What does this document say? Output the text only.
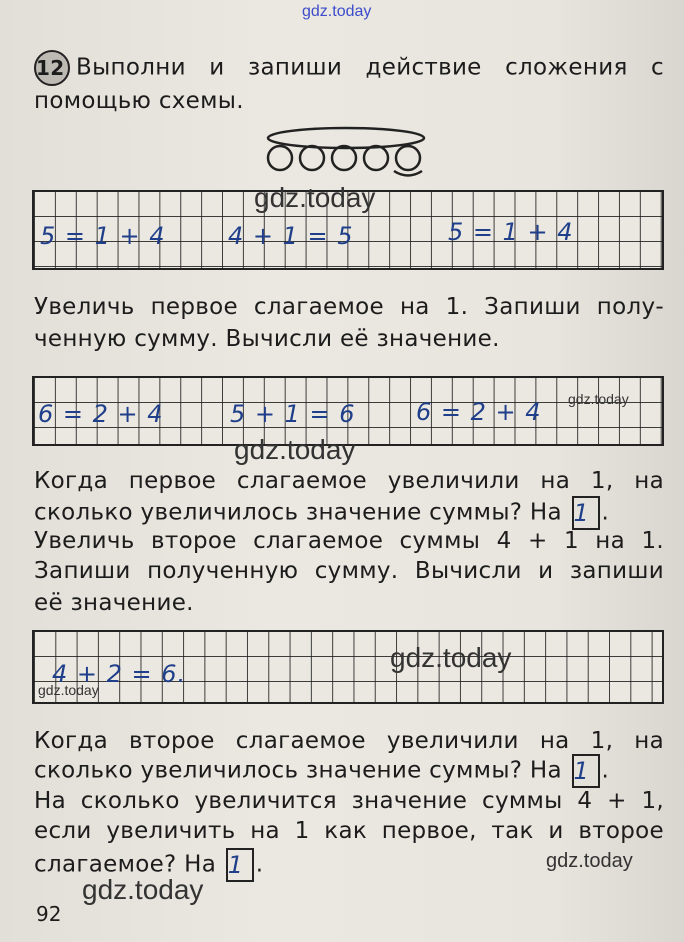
gdz.today
12 Выполни и запиши действие сложения с
помощью схемы.
5 = 1 + 4	4 + 1 = 5	5 = 1 + 4
gdz.today
Увеличь первое слагаемое на 1. Запиши полу-
ченную сумму. Вычисли её значение.
6 = 2 + 4	5 + 1 = 6	6 = 2 + 4 gdz.today
gdz.today
Когда первое слагаемое увеличили на 1, на
сколько увеличилось значение суммы? На 1 .
Увеличь второе слагаемое суммы 4 + 1 на 1.
Запиши полученную сумму. Вычисли и запиши
её значение.
4 + 2 = 6.
gdz.today
gdz.today
Когда второе слагаемое увеличили на 1, на
сколько увеличилось значение суммы? На 1 .
На сколько увеличится значение суммы 4 + 1,
если увеличить на 1 как первое, так и второе
слагаемое? На 1 .	gdz.today
gdz.today
92
